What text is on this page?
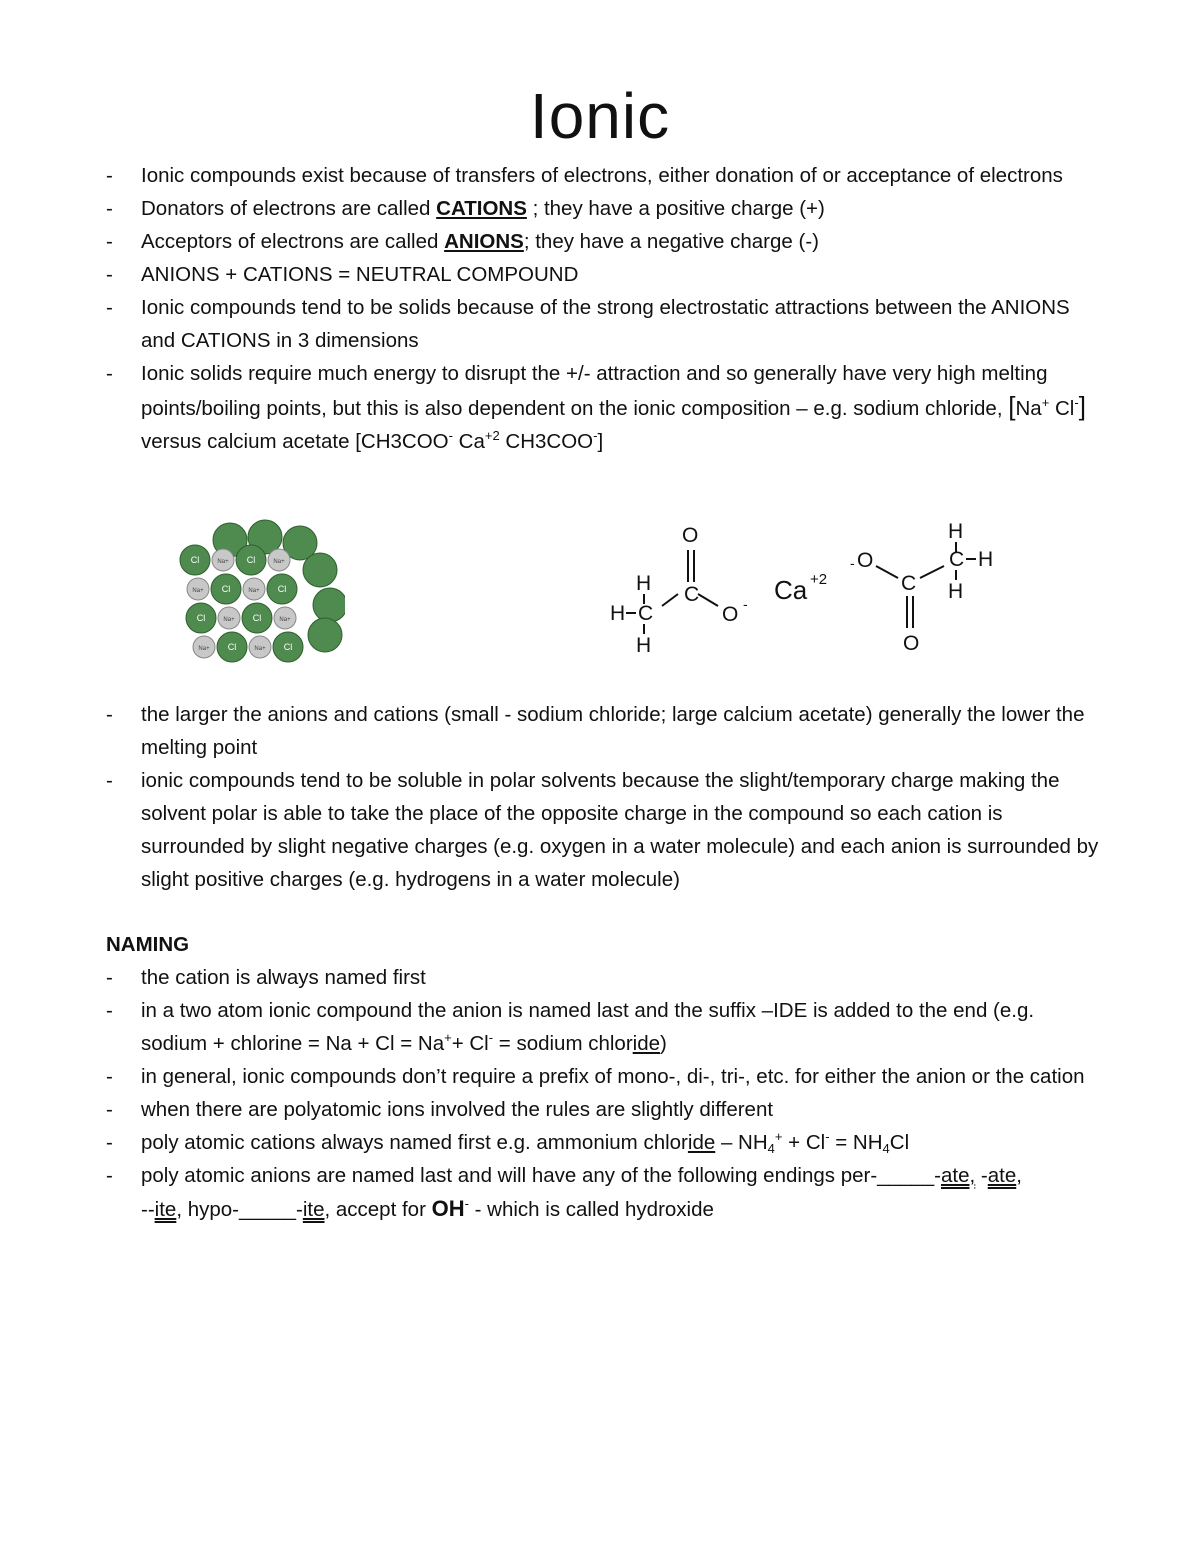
Ionic
- Ionic compounds exist because of transfers of electrons, either donation of or acceptance of electrons
- Donators of electrons are called CATIONS ; they have a positive charge (+)
- Acceptors of electrons are called ANIONS; they have a negative charge (-)
- ANIONS + CATIONS = NEUTRAL COMPOUND
- Ionic compounds tend to be solids because of the strong electrostatic attractions between the ANIONS and CATIONS in 3 dimensions
- Ionic solids require much energy to disrupt the +/- attraction and so generally have very high melting points/boiling points, but this is also dependent on the ionic composition – e.g. sodium chloride, [Na+ Cl-] versus calcium acetate [CH3COO- $Ca^{+2}$ CH3COO-]
Cl	Na+ Cl	Na+
Na+ Cl	Na+ Cl
Cl	Na+ Cl	Na+
Na+ Cl	Na+ Cl
O
C
O -
H
H C
H
Ca +2
- O
C
O
H
C H
H
- the larger the anions and cations (small - sodium chloride; large calcium acetate) generally the lower the melting point
- ionic compounds tend to be soluble in polar solvents because the slight/temporary charge making the solvent polar is able to take the place of the opposite charge in the compound so each cation is surrounded by slight negative charges (e.g. oxygen in a water molecule) and each anion is surrounded by slight positive charges (e.g. hydrogens in a water molecule)
NAMING
- the cation is always named first
- in a two atom ionic compound the anion is named last and the suffix –IDE is added to the end (e.g. sodium + chlorine = Na + Cl = Na++ Cl- = sodium chloride)
- in general, ionic compounds don’t require a prefix of mono-, di-, tri-, etc. for either the anion or the cation
- when there are polyatomic ions involved the rules are slightly different
- poly atomic cations always named first e.g. ammonium chloride – $NH_4^+ + Cl^- = NH_4Cl$
- poly atomic anions are named last and will have any of the following endings per-_____-ate, -ate,
--ite, hypo-_____-ite, accept for OH- - which is called hydroxide
